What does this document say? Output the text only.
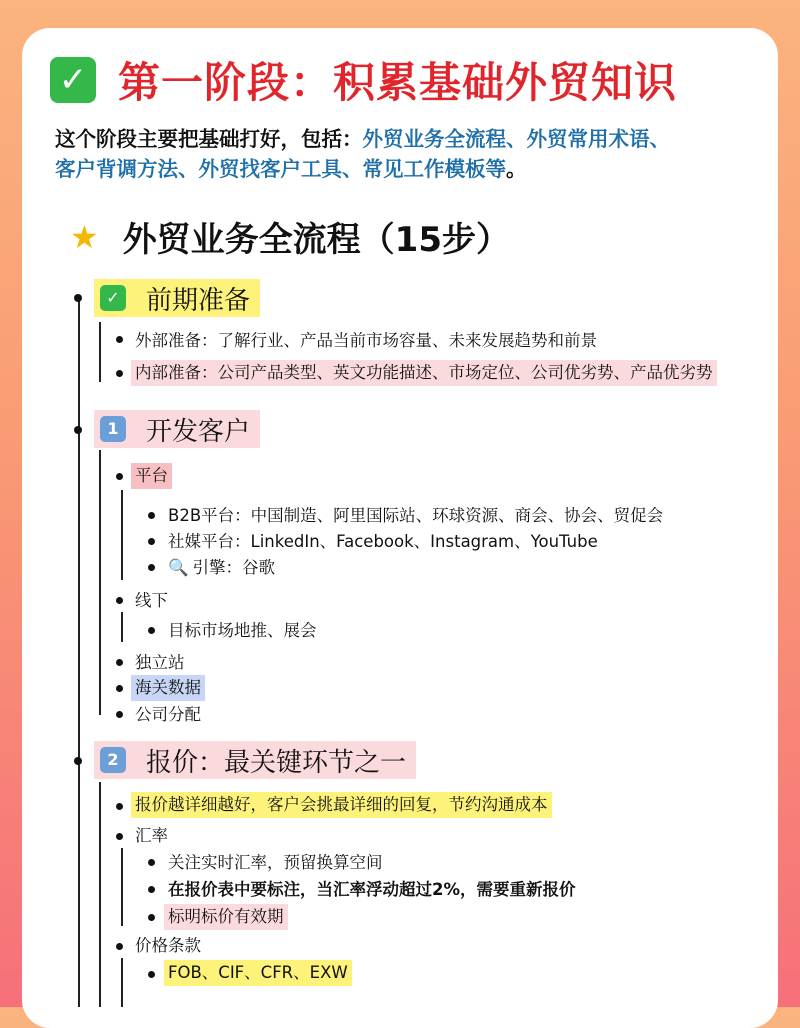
✓ 第一阶段：积累基础外贸知识
这个阶段主要把基础打好，包括：外贸业务全流程、外贸常用术语、
客户背调方法、外贸找客户工具、常见工作模板等。
★ 外贸业务全流程（15步）
✓ 前期准备
外部准备：了解行业、产品当前市场容量、未来发展趋势和前景
内部准备：公司产品类型、英文功能描述、市场定位、公司优劣势、产品优劣势
1 开发客户
平台
B2B平台：中国制造、阿里国际站、环球资源、商会、协会、贸促会
社媒平台：LinkedIn、Facebook、Instagram、YouTube
🔍 引擎：谷歌
线下
目标市场地推、展会
独立站
海关数据
公司分配
2 报价：最关键环节之一
报价越详细越好，客户会挑最详细的回复，节约沟通成本
汇率
关注实时汇率，预留换算空间
在报价表中要标注，当汇率浮动超过2%，需要重新报价
标明标价有效期
价格条款
FOB、CIF、CFR、EXW
